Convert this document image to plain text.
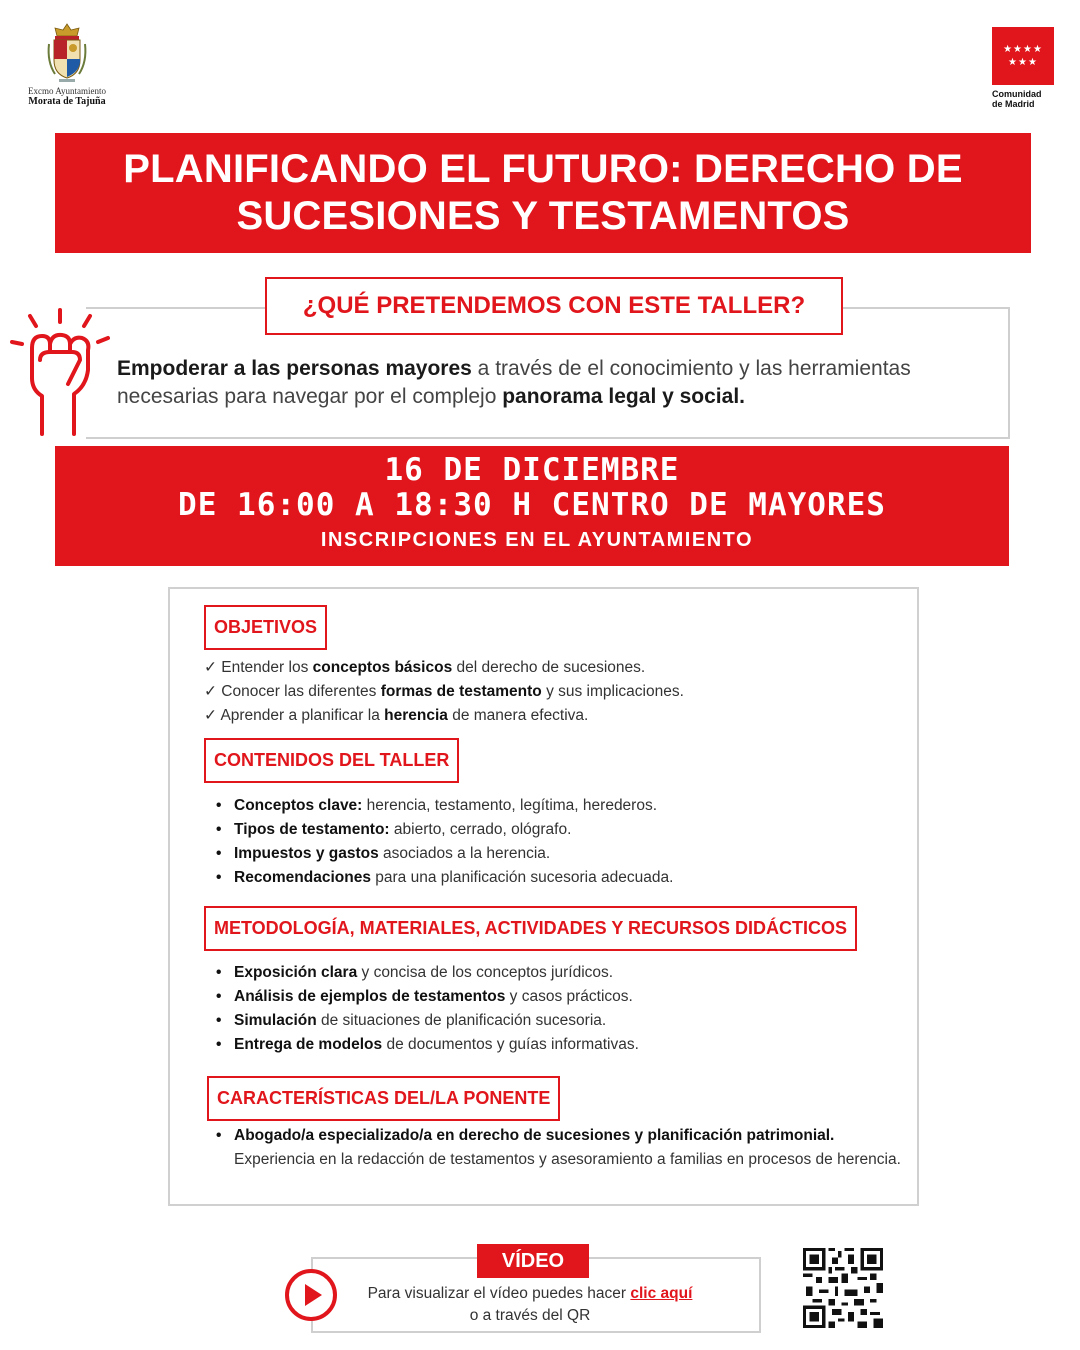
Excmo Ayuntamiento
Morata de Tajuña
★★★★
★★★
Comunidad
de Madrid
PLANIFICANDO EL FUTURO: DERECHO DE SUCESIONES Y TESTAMENTOS
¿QUÉ PRETENDEMOS CON ESTE TALLER?
Empoderar a las personas mayores a través de el conocimiento y las herramientas necesarias para navegar por el complejo panorama legal y social.
16 DE DICIEMBRE
DE 16:00 A 18:30 H CENTRO DE MAYORES
INSCRIPCIONES EN EL AYUNTAMIENTO
OBJETIVOS
✓ Entender los conceptos básicos del derecho de sucesiones.
✓ Conocer las diferentes formas de testamento y sus implicaciones.
✓ Aprender a planificar la herencia de manera efectiva.
CONTENIDOS DEL TALLER
• Conceptos clave: herencia, testamento, legítima, herederos.
• Tipos de testamento: abierto, cerrado, ológrafo.
• Impuestos y gastos asociados a la herencia.
• Recomendaciones para una planificación sucesoria adecuada.
METODOLOGÍA, MATERIALES, ACTIVIDADES Y RECURSOS DIDÁCTICOS
• Exposición clara y concisa de los conceptos jurídicos.
• Análisis de ejemplos de testamentos y casos prácticos.
• Simulación de situaciones de planificación sucesoria.
• Entrega de modelos de documentos y guías informativas.
CARACTERÍSTICAS DEL/LA PONENTE
• Abogado/a especializado/a en derecho de sucesiones y planificación patrimonial. Experiencia en la redacción de testamentos y asesoramiento a familias en procesos de herencia.
VÍDEO
Para visualizar el vídeo puedes hacer clic aquí
o a través del QR
